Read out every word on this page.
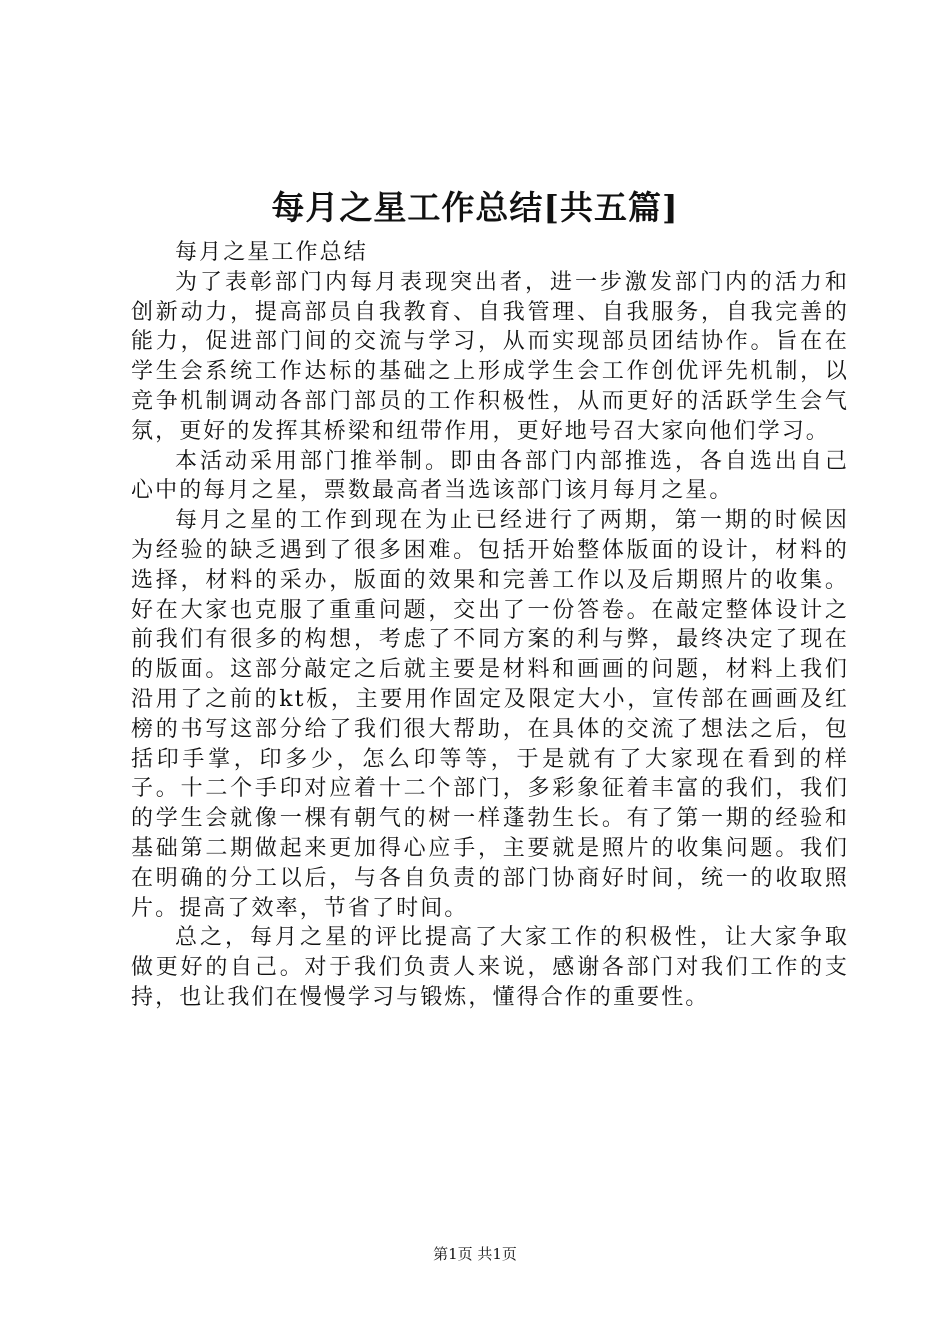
每月之星工作总结[共五篇]

每月之星工作总结

为了表彰部门内每月表现突出者，进一步激发部门内的活力和创新动力，提高部员自我教育、自我管理、自我服务，自我完善的能力，促进部门间的交流与学习，从而实现部员团结协作。旨在在学生会系统工作达标的基础之上形成学生会工作创优评先机制，以竞争机制调动各部门部员的工作积极性，从而更好的活跃学生会气氛，更好的发挥其桥梁和纽带作用，更好地号召大家向他们学习。

本活动采用部门推举制。即由各部门内部推选，各自选出自己心中的每月之星，票数最高者当选该部门该月每月之星。

每月之星的工作到现在为止已经进行了两期，第一期的时候因为经验的缺乏遇到了很多困难。包括开始整体版面的设计，材料的选择，材料的采办，版面的效果和完善工作以及后期照片的收集。好在大家也克服了重重问题，交出了一份答卷。在敲定整体设计之前我们有很多的构想，考虑了不同方案的利与弊，最终决定了现在的版面。这部分敲定之后就主要是材料和画画的问题，材料上我们沿用了之前的kt板，主要用作固定及限定大小，宣传部在画画及红榜的书写这部分给了我们很大帮助，在具体的交流了想法之后，包括印手掌，印多少，怎么印等等，于是就有了大家现在看到的样子。十二个手印对应着十二个部门，多彩象征着丰富的我们，我们的学生会就像一棵有朝气的树一样蓬勃生长。有了第一期的经验和基础第二期做起来更加得心应手，主要就是照片的收集问题。我们在明确的分工以后，与各自负责的部门协商好时间，统一的收取照片。提高了效率，节省了时间。

总之，每月之星的评比提高了大家工作的积极性，让大家争取做更好的自己。对于我们负责人来说，感谢各部门对我们工作的支持，也让我们在慢慢学习与锻炼，懂得合作的重要性。

第1页 共1页
